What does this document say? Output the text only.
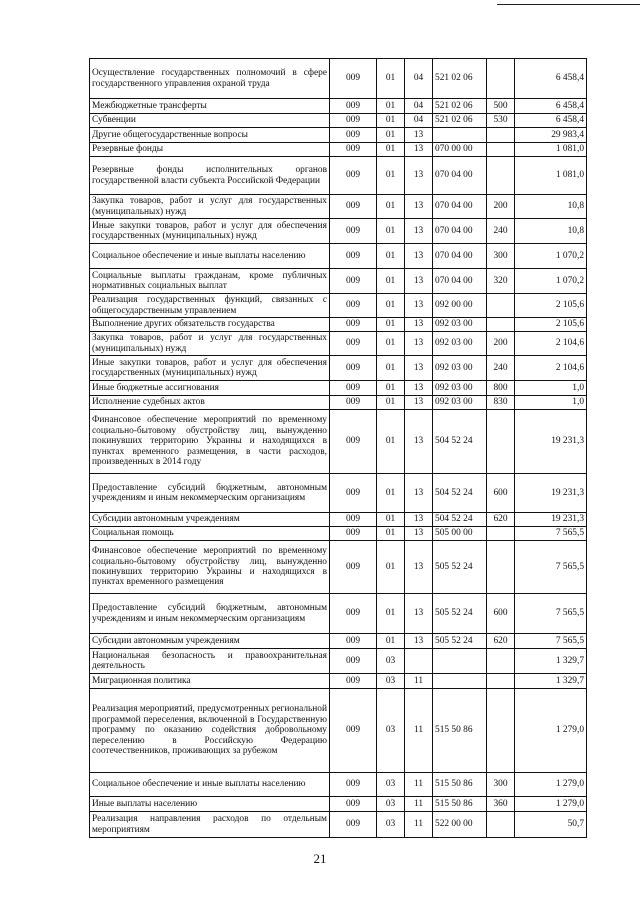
Осуществление государственных полномочий в сфере государственного управления охраной труда	009	01	04	521 02 06		6 458,4
Межбюджетные трансферты	009	01	04	521 02 06	500	6 458,4
Субвенции	009	01	04	521 02 06	530	6 458,4
Другие общегосударственные вопросы	009	01	13			29 983,4
Резервные фонды	009	01	13	070 00 00		1 081,0
Резервные фонды исполнительных органов государственной власти субъекта Российской Федерации	009	01	13	070 04 00		1 081,0
Закупка товаров, работ и услуг для государственных (муниципальных) нужд	009	01	13	070 04 00	200	10,8
Иные закупки товаров, работ и услуг для обеспечения государственных (муниципальных) нужд	009	01	13	070 04 00	240	10,8
Социальное обеспечение и иные выплаты населению	009	01	13	070 04 00	300	1 070,2
Социальные выплаты гражданам, кроме публичных нормативных социальных выплат	009	01	13	070 04 00	320	1 070,2
Реализация государственных функций, связанных с общегосударственным управлением	009	01	13	092 00 00		2 105,6
Выполнение других обязательств государства	009	01	13	092 03 00		2 105,6
Закупка товаров, работ и услуг для государственных (муниципальных) нужд	009	01	13	092 03 00	200	2 104,6
Иные закупки товаров, работ и услуг для обеспечения государственных (муниципальных) нужд	009	01	13	092 03 00	240	2 104,6
Иные бюджетные ассигнования	009	01	13	092 03 00	800	1,0
Исполнение судебных актов	009	01	13	092 03 00	830	1,0
Финансовое обеспечение мероприятий по временному социально-бытовому обустройству лиц, вынужденно покинувших территорию Украины и находящихся в пунктах временного размещения, в части расходов, произведенных в 2014 году	009	01	13	504 52 24		19 231,3
Предоставление субсидий бюджетным, автономным учреждениям и иным некоммерческим организациям	009	01	13	504 52 24	600	19 231,3
Субсидии автономным учреждениям	009	01	13	504 52 24	620	19 231,3
Социальная помощь	009	01	13	505 00 00		7 565,5
Финансовое обеспечение мероприятий по временному социально-бытовому обустройству лиц, вынужденно покинувших территорию Украины и находящихся в пунктах временного размещения	009	01	13	505 52 24		7 565,5
Предоставление субсидий бюджетным, автономным учреждениям и иным некоммерческим организациям	009	01	13	505 52 24	600	7 565,5
Субсидии автономным учреждениям	009	01	13	505 52 24	620	7 565,5
Национальная безопасность и правоохранительная деятельность	009	03				1 329,7
Миграционная политика	009	03	11			1 329,7
Реализация мероприятий, предусмотренных региональной программой переселения, включенной в Государственную программу по оказанию содействия добровольному переселению в Российскую Федерацию соотечественников, проживающих за рубежом	009	03	11	515 50 86		1 279,0
Социальное обеспечение и иные выплаты населению	009	03	11	515 50 86	300	1 279,0
Иные выплаты населению	009	03	11	515 50 86	360	1 279,0
Реализация направления расходов по отдельным мероприятиям	009	03	11	522 00 00		50,7
21
